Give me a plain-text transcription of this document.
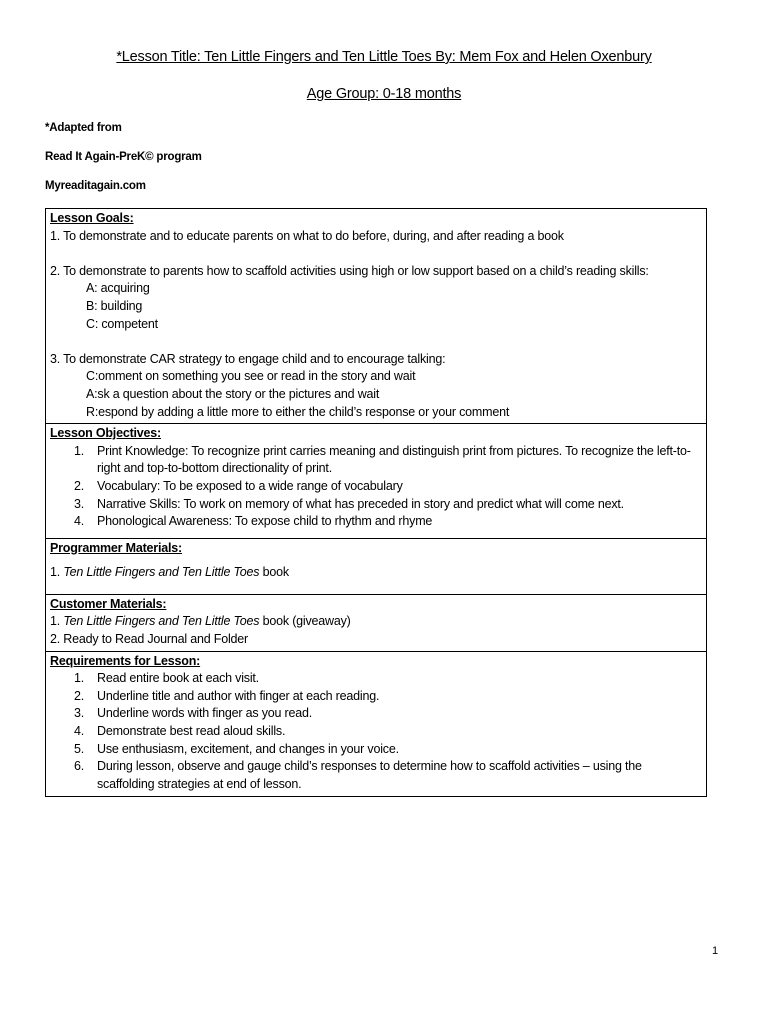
*Lesson Title: Ten Little Fingers and Ten Little Toes By: Mem Fox and Helen Oxenbury
Age Group: 0-18 months
*Adapted from
Read It Again-PreK© program
Myreaditagain.com
Lesson Goals:
1. To demonstrate and to educate parents on what to do before, during, and after reading a book
2. To demonstrate to parents how to scaffold activities using high or low support based on a child’s reading skills:
A: acquiring
B: building
C: competent
3. To demonstrate CAR strategy to engage child and to encourage talking:
C:omment on something you see or read in the story and wait
A:sk a question about the story or the pictures and wait
R:espond by adding a little more to either the child’s response or your comment

Lesson Objectives:
1. Print Knowledge: To recognize print carries meaning and distinguish print from pictures. To recognize the left-to-right and top-to-bottom directionality of print.
2. Vocabulary: To be exposed to a wide range of vocabulary
3. Narrative Skills: To work on memory of what has preceded in story and predict what will come next.
4. Phonological Awareness: To expose child to rhythm and rhyme

Programmer Materials:
1. Ten Little Fingers and Ten Little Toes book

Customer Materials:
1. Ten Little Fingers and Ten Little Toes book (giveaway)
2. Ready to Read Journal and Folder

Requirements for Lesson:
1. Read entire book at each visit.
2. Underline title and author with finger at each reading.
3. Underline words with finger as you read.
4. Demonstrate best read aloud skills.
5. Use enthusiasm, excitement, and changes in your voice.
6. During lesson, observe and gauge child’s responses to determine how to scaffold activities – using the scaffolding strategies at end of lesson.
1
